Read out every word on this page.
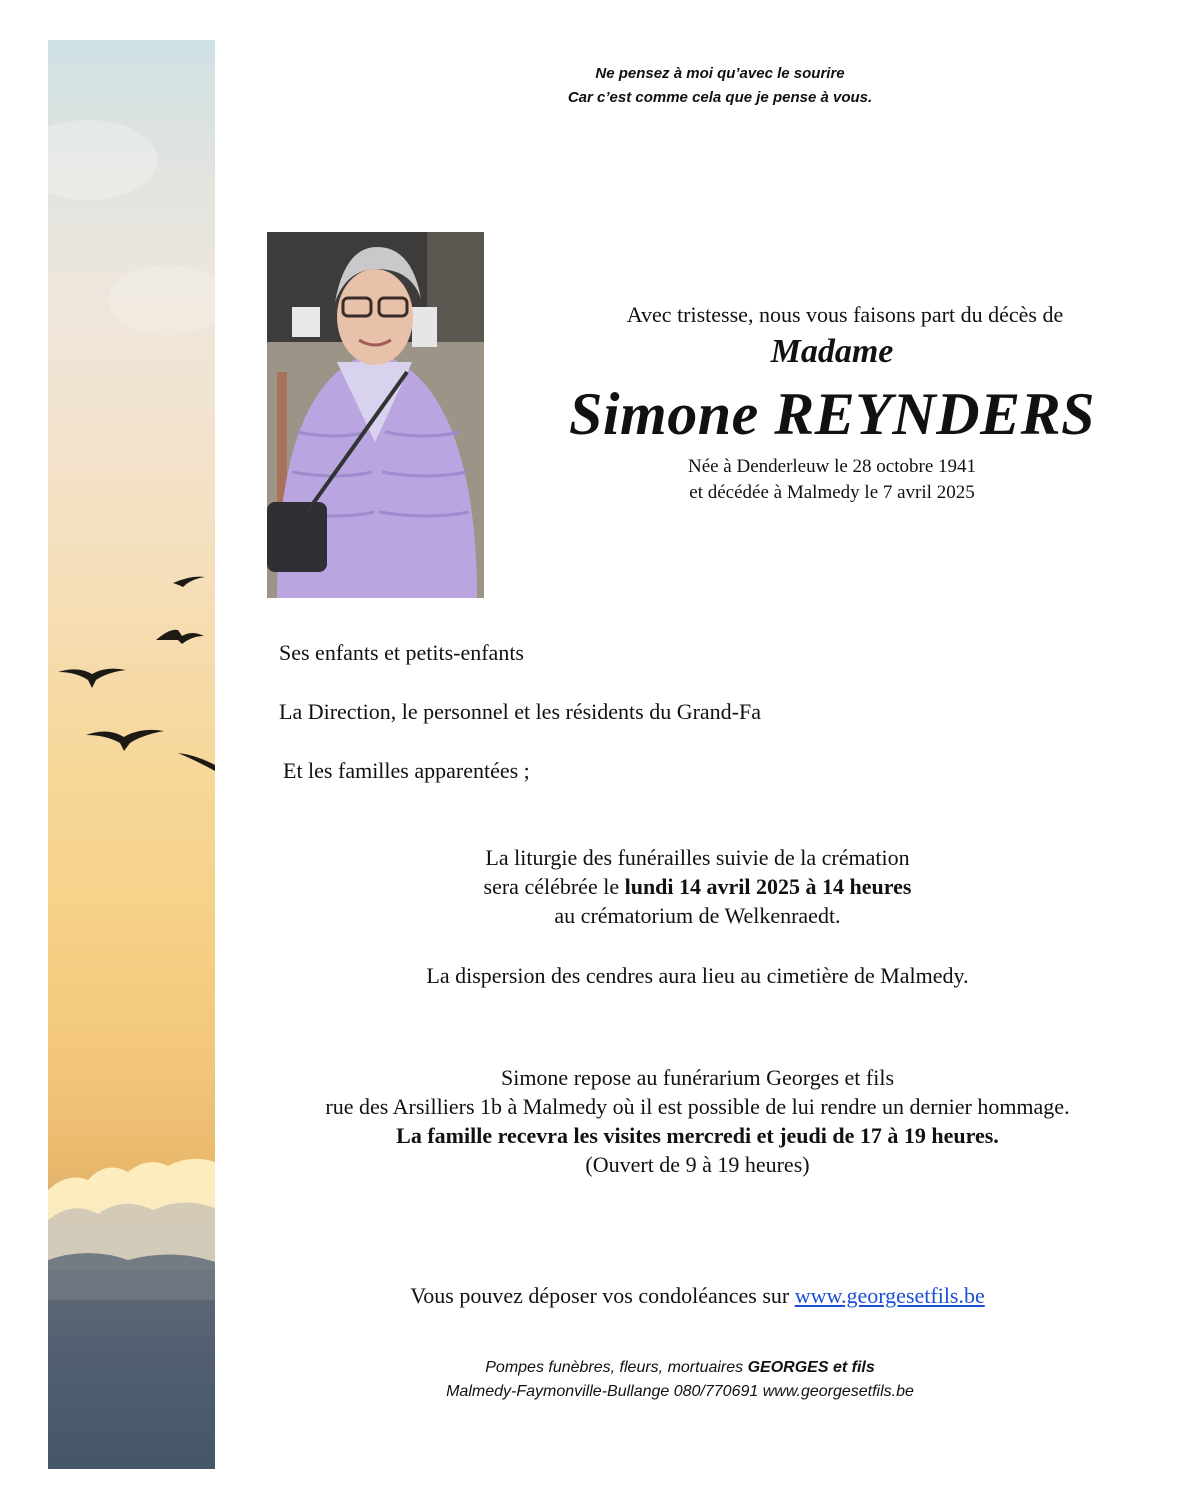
Ne pensez à moi qu’avec le sourire
Car c’est comme cela que je pense à vous.
Avec tristesse, nous vous faisons part du décès de
Madame
Simone REYNDERS
Née à Denderleuw le 28 octobre 1941
et décédée à Malmedy le 7 avril 2025
Ses enfants et petits-enfants
La Direction, le personnel et les résidents du Grand-Fa
Et les familles apparentées ;
La liturgie des funérailles suivie de la crémation
sera célébrée le lundi 14 avril 2025 à 14 heures
au crématorium de Welkenraedt.
La dispersion des cendres aura lieu au cimetière de Malmedy.
Simone repose au funérarium Georges et fils
rue des Arsilliers 1b à Malmedy où il est possible de lui rendre un dernier hommage.
La famille recevra les visites mercredi et jeudi de 17 à 19 heures.
(Ouvert de 9 à 19 heures)
Vous pouvez déposer vos condoléances sur www.georgesetfils.be
Pompes funèbres, fleurs, mortuaires GEORGES et fils
Malmedy-Faymonville-Bullange 080/770691 www.georgesetfils.be
